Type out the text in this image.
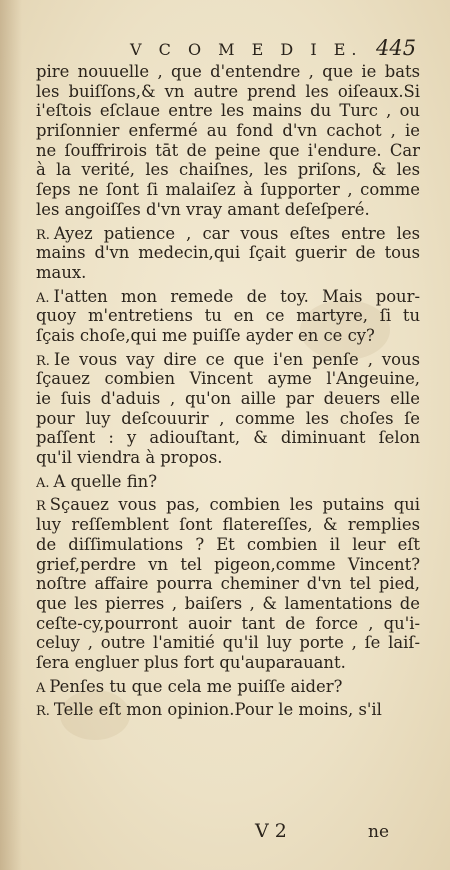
V C O M E D I E. 445
pire nouuelle , que d'entendre , que ie bats
les buiſſons,& vn autre prend les oiſeaux.Si
i'eſtois eſclaue entre les mains du Turc , ou
priſonnier enfermé au fond d'vn cachot , ie
ne ſouffrirois tāt de peine que i'endure. Car
à la verité, les chaiſnes, les priſons, & les
ſeps ne ſont ſi malaiſez à ſupporter , comme
les angoiſſes d'vn vray amant deſeſperé.
R. Ayez patience , car vous eſtes entre les
mains d'vn medecin,qui ſçait guerir de tous
maux.
A. I'atten mon remede de toy. Mais pour-
quoy m'entretiens tu en ce martyre, ſi tu
ſçais choſe,qui me puiſſe ayder en ce cy?
R. Ie vous vay dire ce que i'en penſe , vous
ſçauez combien Vincent ayme l'Angeuine,
ie ſuis d'aduis , qu'on aille par deuers elle
pour luy deſcouurir , comme les choſes ſe
paſſent : y adiouſtant, & diminuant ſelon
qu'il viendra à propos.
A. A quelle fin?
R Sçauez vous pas, combien les putains qui
luy reſſemblent ſont flatereſſes, & remplies
de diſſimulations ? Et combien il leur eſt
grief,perdre vn tel pigeon,comme Vincent?
noſtre affaire pourra cheminer d'vn tel pied,
que les pierres , baiſers , & lamentations de
ceſte-cy,pourront auoir tant de force , qu'i-
celuy , outre l'amitié qu'il luy porte , ſe laiſ-
ſera engluer plus fort qu'auparauant.
A Penſes tu que cela me puiſſe aider?
R. Telle eſt mon opinion.Pour le moins, s'il
V 2	ne
